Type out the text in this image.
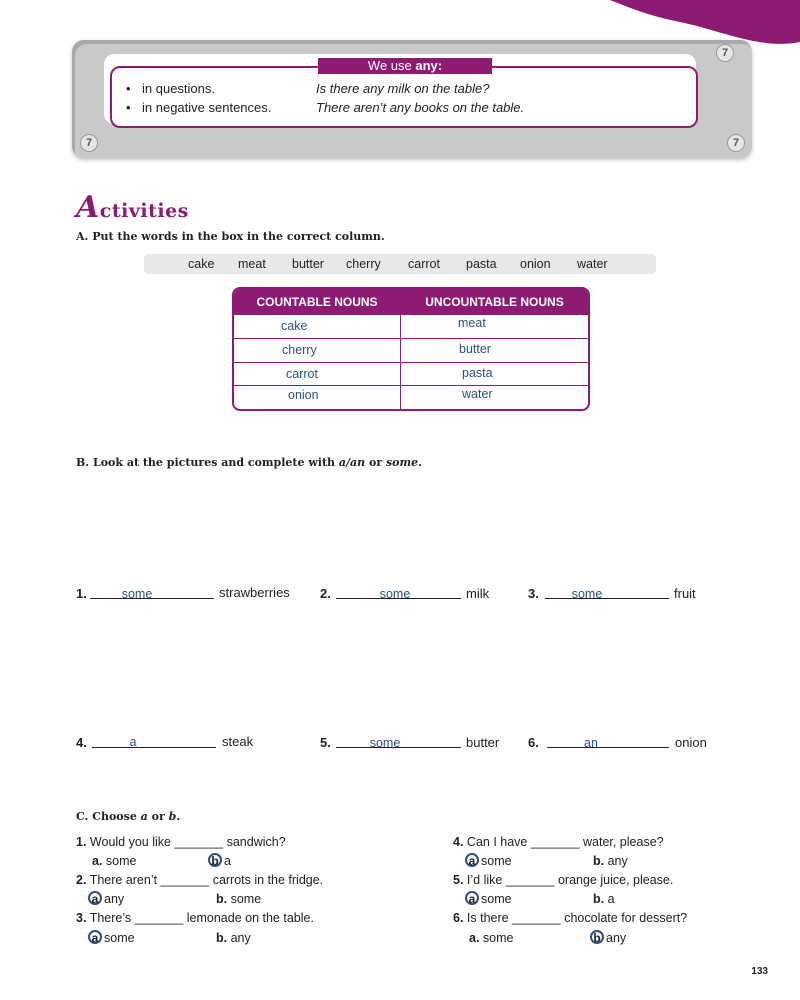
We use any:
7
7	7
• in questions.	Is there any milk on the table?
• in negative sentences.	There aren’t any books on the table.
Activities
A. Put the words in the box in the correct column.
cake meat butter cherry carrot pasta onion water
COUNTABLE NOUNS	UNCOUNTABLE NOUNS
cake	meat
cherry	butter
carrot	pasta
onion	water
B. Look at the pictures and complete with a/an or some.
1.	some	strawberries 2.	some	milk	3.	some	fruit
4.	a	steak	5.	some	butter 6.	an	onion
C. Choose a or b.
1. Would you like _______ sandwich?
a. some	b a
2. There aren’t _______ carrots in the fridge.
a any	b. some
3. There’s _______ lemonade on the table.
a some	b. any
4. Can I have _______ water, please?
a some	b. any
5. I’d like _______ orange juice, please.
a some	b. a
6. Is there _______ chocolate for dessert?
a. some	b any
133
